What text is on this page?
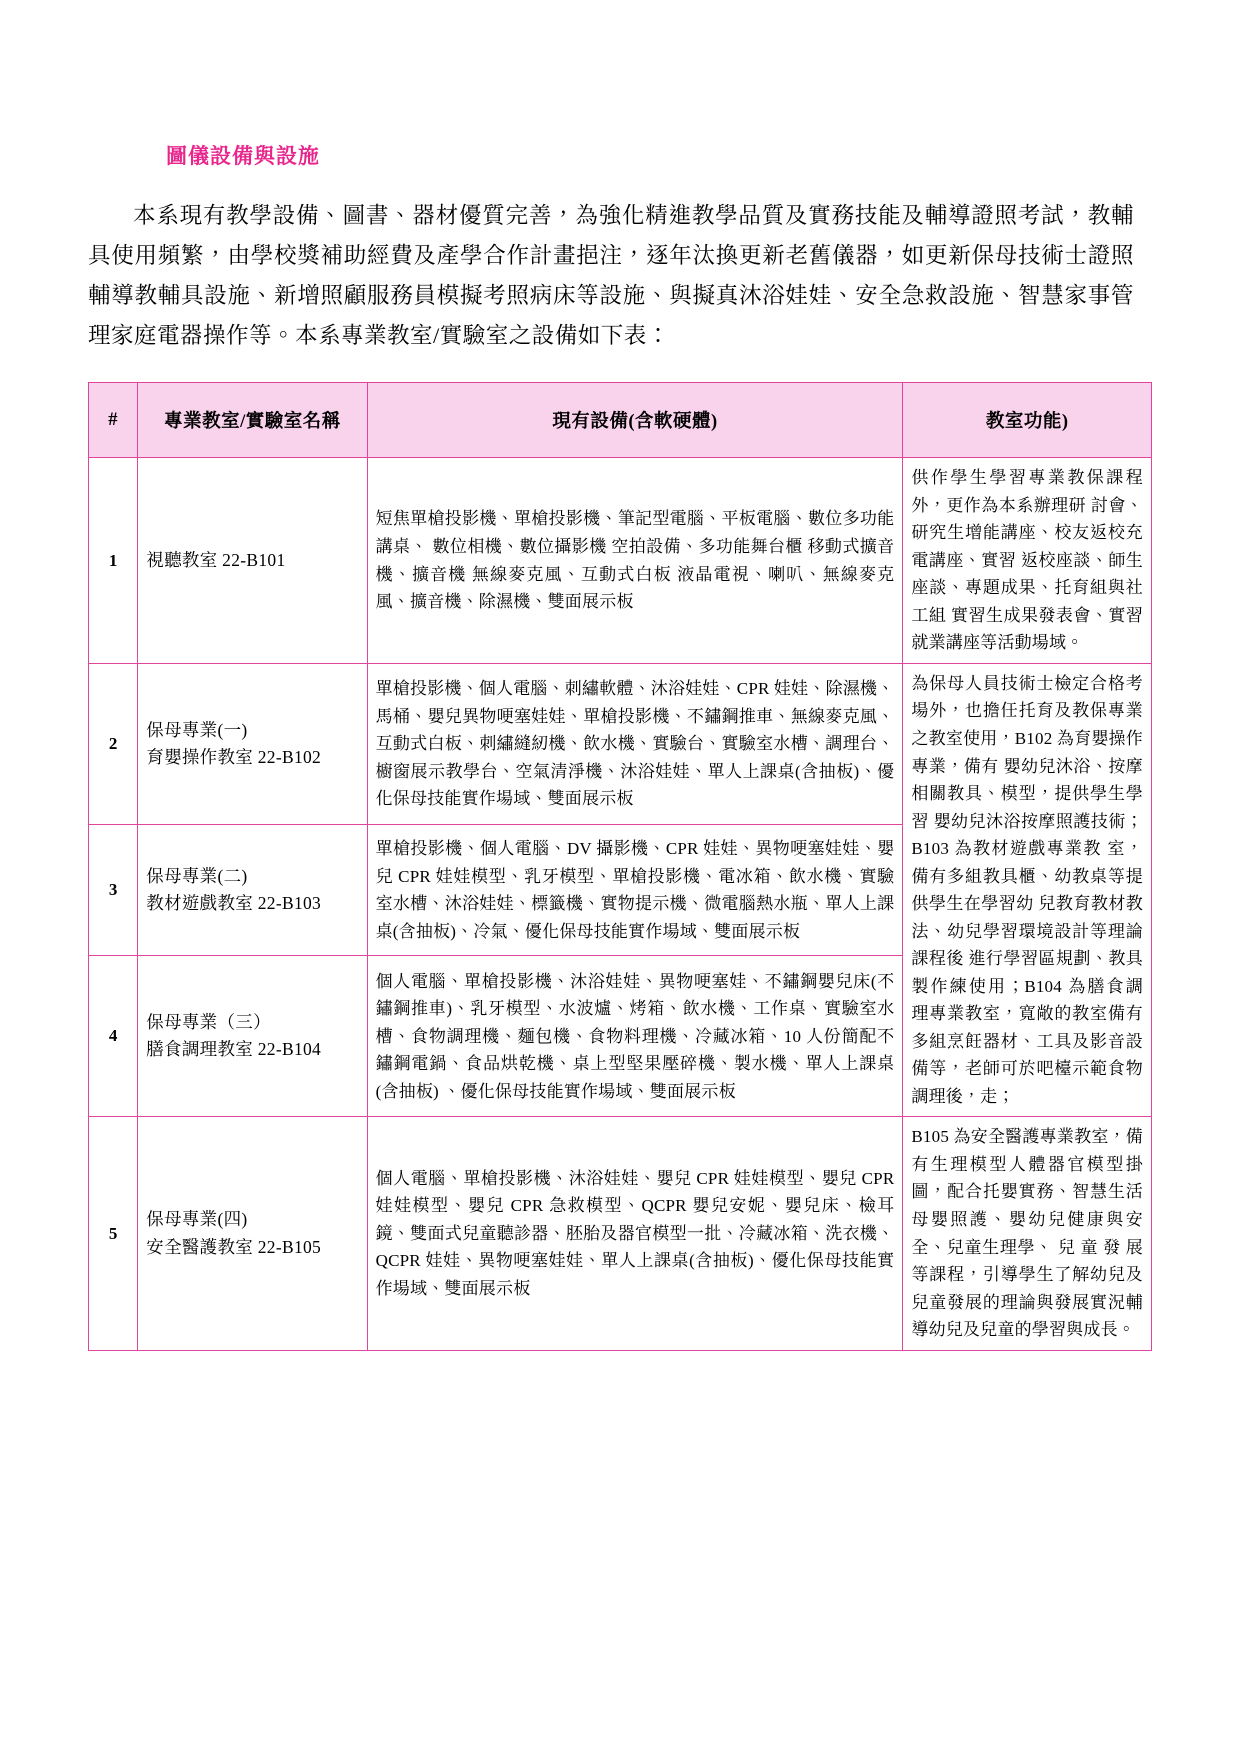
圖儀設備與設施

本系現有教學設備、圖書、器材優質完善，為強化精進教學品質及實務技能及輔導證照考試，教輔具使用頻繁，由學校獎補助經費及產學合作計畫挹注，逐年汰換更新老舊儀器，如更新保母技術士證照輔導教輔具設施、新增照顧服務員模擬考照病床等設施、與擬真沐浴娃娃、安全急救設施、智慧家事管理家庭電器操作等。本系專業教室/實驗室之設備如下表：

#	專業教室/實驗室名稱	現有設備(含軟硬體)	教室功能)
1	視聽教室 22-B101	短焦單槍投影機、單槍投影機、筆記型電腦、平板電腦、數位多功能講桌、 數位相機、數位攝影機 空拍設備、多功能舞台櫃 移動式擴音機、擴音機 無線麥克風、互動式白板 液晶電視、喇叭、無線麥克風、擴音機、除濕機、雙面展示板	供作學生學習專業教保課程外，更作為本系辦理研 討會、研究生增能講座、校友返校充電講座、實習 返校座談、師生座談、專題成果、托育組與社工組 實習生成果發表會、實習就業講座等活動場域。
2	保母專業(一)
育嬰操作教室 22-B102	單槍投影機、個人電腦、刺繡軟體、沐浴娃娃、CPR 娃娃、除濕機、馬桶、嬰兒異物哽塞娃娃、單槍投影機、不鏽鋼推車、無線麥克風、互動式白板、刺繡縫紉機、飲水機、實驗台、實驗室水槽、調理台、 櫥窗展示教學台、空氣清淨機、沐浴娃娃、單人上課桌(含抽板)、優化保母技能實作場域、雙面展示板	為保母人員技術士檢定合格考場外，也擔任托育及教保專業之教室使用，B102 為育嬰操作專業，備有 嬰幼兒沐浴、按摩相關教具、模型，提供學生學習 嬰幼兒沐浴按摩照護技術；B103 為教材遊戲專業教 室，備有多組教具櫃、幼教桌等提供學生在學習幼 兒教育教材教法、幼兒學習環境設計等理論課程後 進行學習區規劃、教具製作練使用；B104 為膳食調 理專業教室，寬敞的教室備有多組烹飪器材、工具及影音設備等，老師可於吧檯示範食物調理後，走；
3	保母專業(二)
教材遊戲教室 22-B103	單槍投影機、個人電腦、DV 攝影機、CPR 娃娃、異物哽塞娃娃、嬰兒 CPR 娃娃模型、乳牙模型、單槍投影機、電冰箱、飲水機、實驗室水槽、沐浴娃娃、標籤機、實物提示機、微電腦熱水瓶、單人上課桌(含抽板)、冷氣、優化保母技能實作場域、雙面展示板	
4	保母專業（三）
膳食調理教室 22-B104	個人電腦、單槍投影機、沐浴娃娃、異物哽塞娃、不鏽鋼嬰兒床(不鏽鋼推車)、乳牙模型、水波爐、烤箱、飲水機、工作桌、實驗室水槽、食物調理機、麵包機、食物料理機、冷藏冰箱、10 人份簡配不鏽鋼電鍋、食品烘乾機、桌上型堅果壓碎機、製水機、單人上課桌(含抽板) 、優化保母技能實作場域、雙面展示板	
5	保母專業(四)
安全醫護教室 22-B105	個人電腦、單槍投影機、沐浴娃娃、嬰兒 CPR 娃娃模型、嬰兒 CPR 娃娃模型、嬰兒 CPR 急救模型、QCPR 嬰兒安妮、嬰兒床、檢耳鏡、雙面式兒童聽診器、胚胎及器官模型一批、冷藏冰箱、洗衣機、QCPR 娃娃、異物哽塞娃娃、單人上課桌(含抽板)、優化保母技能實作場域、雙面展示板	B105 為安全醫護專業教室，備有生理模型人體器官模型掛圖，配合托嬰實務、智慧生活母嬰照護、嬰幼兒健康與安全、兒童生理學、 兒 童 發 展 等課程，引導學生了解幼兒及兒童發展的理論與發展實況輔 導幼兒及兒童的學習與成長。
